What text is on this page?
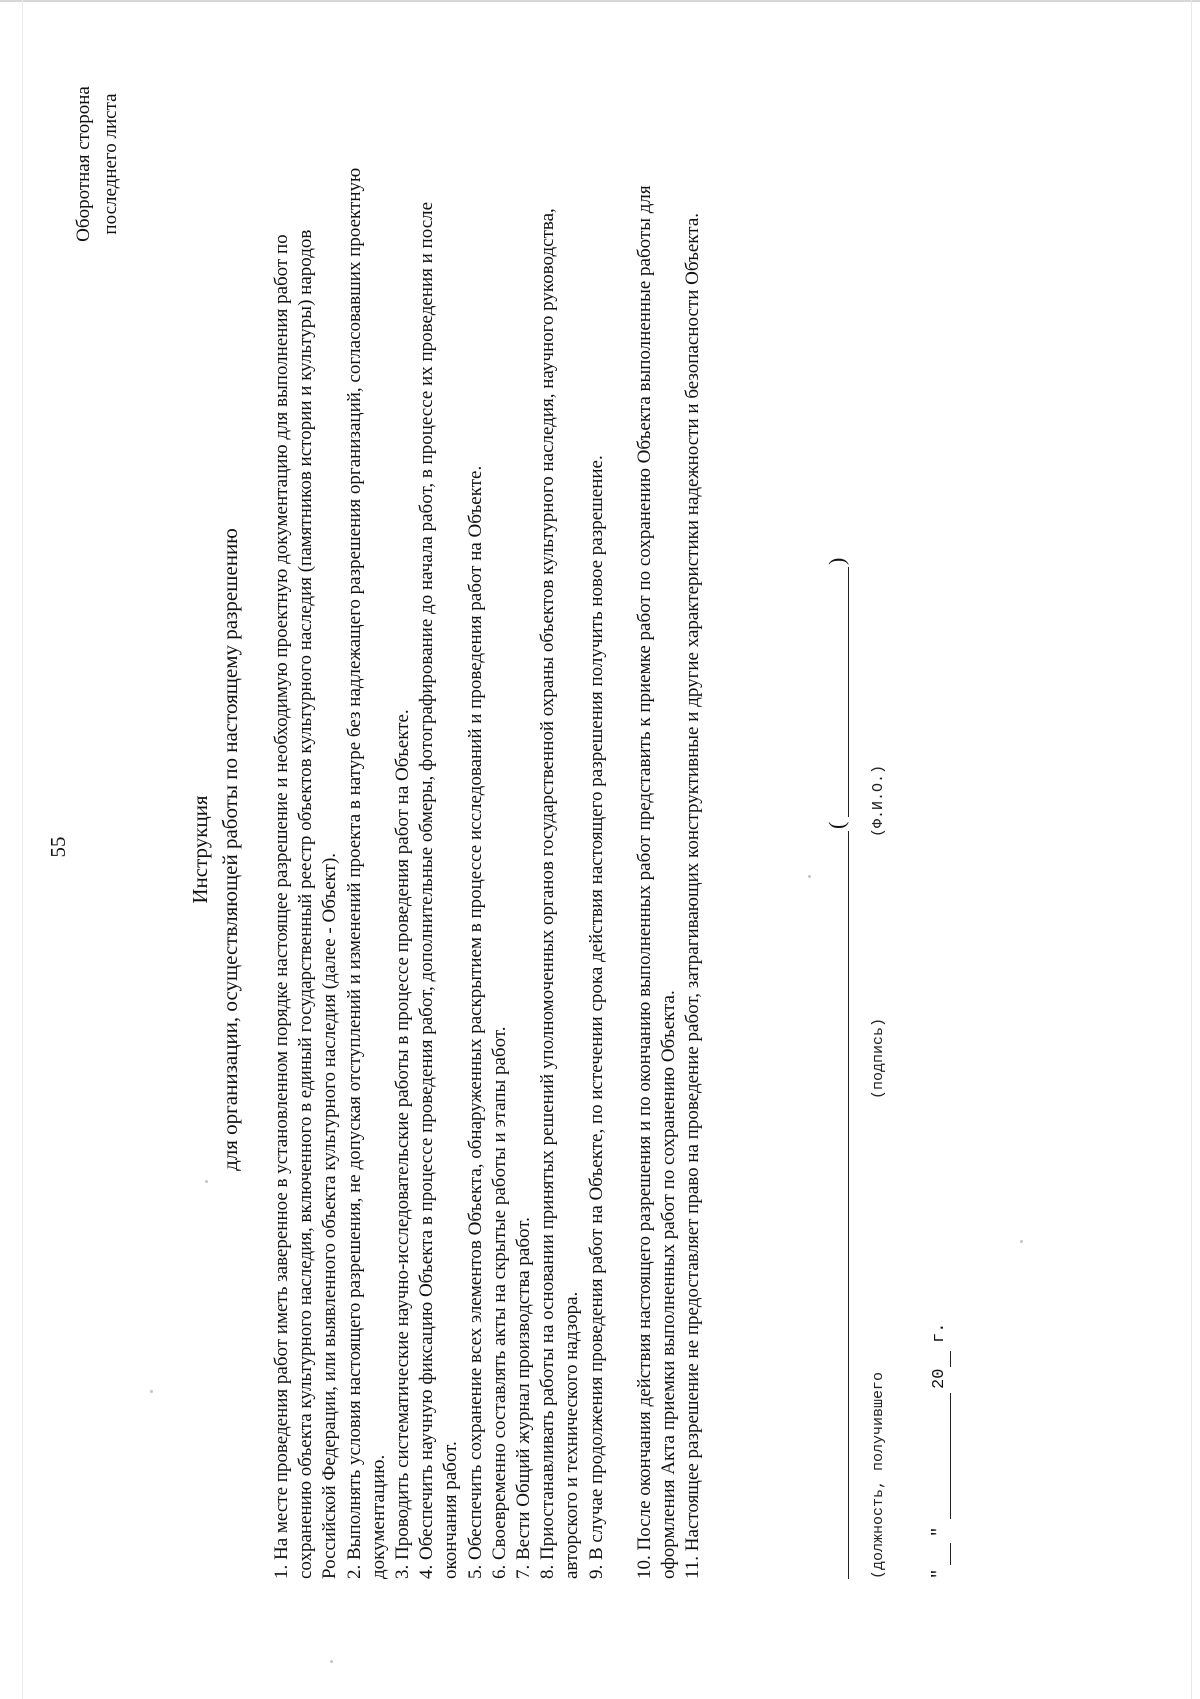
Оборотная сторона последнего листа
55	Инструкция для организации, осуществляющей работы по настоящему разрешению 1. На месте проведения работ иметь заверенное в установленном порядке настоящее разрешение и необходимую проектную документацию для выполнения работ по сохранению объекта культурного наследия, включенного в единый государственный реестр объектов культурного наследия (памятников истории и культуры) народов Российской Федерации, или выявленного объекта культурного наследия (далее - Объект). 2. Выполнять условия настоящего разрешения, не допуская отступлений и изменений проекта в натуре без надлежащего разрешения организаций, согласовавших проектную документацию. 3. Проводить систематические научно-исследовательские работы в процессе проведения работ на Объекте. 4. Обеспечить научную фиксацию Объекта в процессе проведения работ, дополнительные обмеры, фотографирование до начала работ, в процессе их проведения и после окончания работ. 5. Обеспечить сохранение всех элементов Объекта, обнаруженных раскрытием в процессе исследований и проведения работ на Объекте. 6. Своевременно составлять акты на скрытые работы и этапы работ. 7. Вести Общий журнал производства работ. 8. Приостанавливать работы на основании принятых решений уполномоченных органов государственной охраны объектов культурного наследия, научного руководства, авторского и технического надзора. 9. В случае продолжения проведения работ на Объекте, по истечении срока действия настоящего разрешения получить новое разрешение. 10. После окончания действия настоящего разрешения и по окончанию выполненных работ представить к приемке работ по сохранению Объекта выполненные работы для оформления Акта приемки выполненных работ по сохранению Объекта. 11. Настоящее разрешение не предоставляет право на проведение работ, затрагивающих конструктивные и другие характеристики надежности и безопасности Объекта.	(
)
(должность, получившего
(подпись)
(Ф.И.О.)
"
"
20
г.
